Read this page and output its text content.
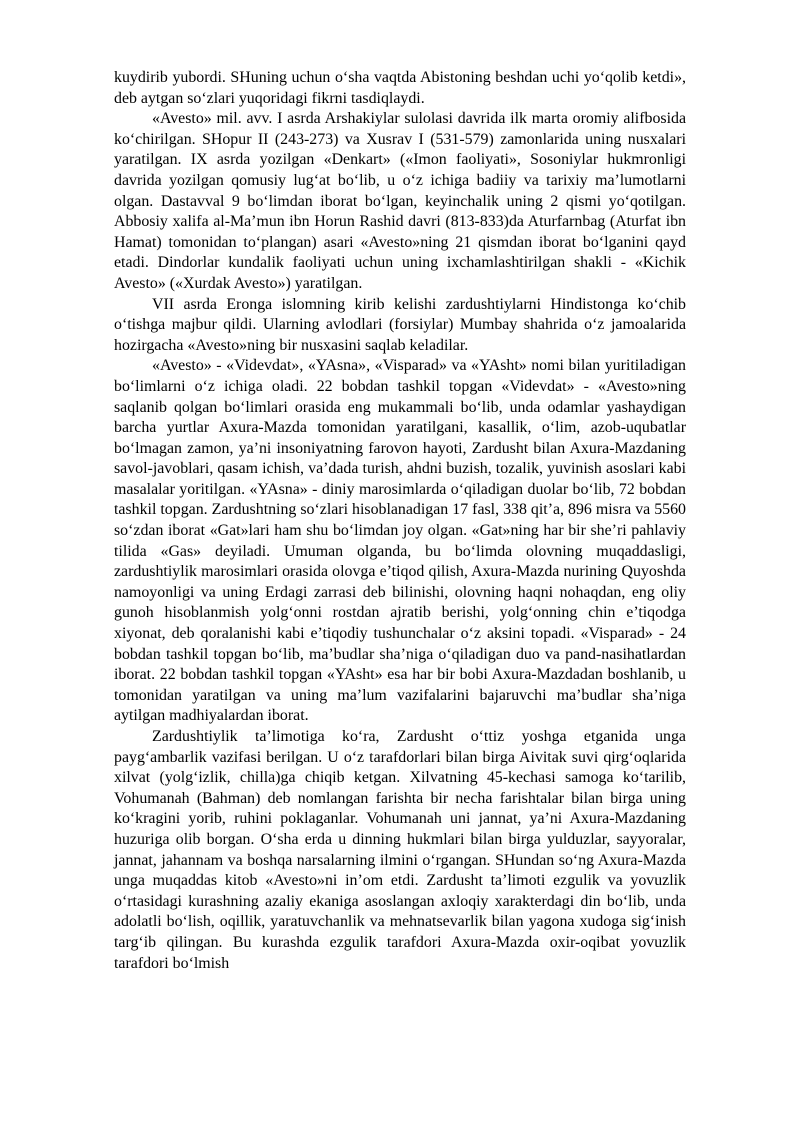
kuydirib yubordi. SHuning uchun o‘sha vaqtda Abistoning beshdan uchi yo‘qolib ketdi», deb aytgan so‘zlari yuqoridagi fikrni tasdiqlaydi.

«Avesto» mil. avv. I asrda Arshakiylar sulolasi davrida ilk marta oromiy alifbosida ko‘chirilgan. SHopur II (243-273) va Xusrav I (531-579) zamonlarida uning nusxalari yaratilgan. IX asrda yozilgan «Denkart» («Imon faoliyati», Sosoniylar hukmronligi davrida yozilgan qomusiy lug‘at bo‘lib, u o‘z ichiga badiiy va tarixiy ma’lumotlarni olgan. Dastavval 9 bo‘limdan iborat bo‘lgan, keyinchalik uning 2 qismi yo‘qotilgan. Abbosiy xalifa al-Ma’mun ibn Horun Rashid davri (813-833)da Aturfarnbag (Aturfat ibn Hamat) tomonidan to‘plangan) asari «Avesto»ning 21 qismdan iborat bo‘lganini qayd etadi. Dindorlar kundalik faoliyati uchun uning ixchamlashtirilgan shakli - «Kichik Avesto» («Xurdak Avesto») yaratilgan.

VII asrda Eronga islomning kirib kelishi zardushtiylarni Hindistonga ko‘chib o‘tishga majbur qildi. Ularning avlodlari (forsiylar) Mumbay shahrida o‘z jamoalarida hozirgacha «Avesto»ning bir nusxasini saqlab keladilar.

«Avesto» - «Videvdat», «YAsna», «Visparad» va «YAsht» nomi bilan yuritiladigan bo‘limlarni o‘z ichiga oladi. 22 bobdan tashkil topgan «Videvdat» - «Avesto»ning saqlanib qolgan bo‘limlari orasida eng mukammali bo‘lib, unda odamlar yashaydigan barcha yurtlar Axura-Mazda tomonidan yaratilgani, kasallik, o‘lim, azob-uqubatlar bo‘lmagan zamon, ya’ni insoniyatning farovon hayoti, Zardusht bilan Axura-Mazdaning savol-javoblari, qasam ichish, va’dada turish, ahdni buzish, tozalik, yuvinish asoslari kabi masalalar yoritilgan. «YAsna» - diniy marosimlarda o‘qiladigan duolar bo‘lib, 72 bobdan tashkil topgan. Zardushtning so‘zlari hisoblanadigan 17 fasl, 338 qit’a, 896 misra va 5560 so‘zdan iborat «Gat»lari ham shu bo‘limdan joy olgan. «Gat»ning har bir she’ri pahlaviy tilida «Gas» deyiladi. Umuman olganda, bu bo‘limda olovning muqaddasligi, zardushtiylik marosimlari orasida olovga e’tiqod qilish, Axura-Mazda nurining Quyoshda namoyonligi va uning Erdagi zarrasi deb bilinishi, olovning haqni nohaqdan, eng oliy gunoh hisoblanmish yolg‘onni rostdan ajratib berishi, yolg‘onning chin e’tiqodga xiyonat, deb qoralanishi kabi e’tiqodiy tushunchalar o‘z aksini topadi. «Visparad» - 24 bobdan tashkil topgan bo‘lib, ma’budlar sha’niga o‘qiladigan duo va pand-nasihatlardan iborat. 22 bobdan tashkil topgan «YAsht» esa har bir bobi Axura-Mazdadan boshlanib, u tomonidan yaratilgan va uning ma’lum vazifalarini bajaruvchi ma’budlar sha’niga aytilgan madhiyalardan iborat.

Zardushtiylik ta’limotiga ko‘ra, Zardusht o‘ttiz yoshga etganida unga payg‘ambarlik vazifasi berilgan. U o‘z tarafdorlari bilan birga Aivitak suvi qirg‘oqlarida xilvat (yolg‘izlik, chilla)ga chiqib ketgan. Xilvatning 45-kechasi samoga ko‘tarilib, Vohumanah (Bahman) deb nomlangan farishta bir necha farishtalar bilan birga uning ko‘kragini yorib, ruhini poklaganlar. Vohumanah uni jannat, ya’ni Axura-Mazdaning huzuriga olib borgan. O‘sha erda u dinning hukmlari bilan birga yulduzlar, sayyoralar, jannat, jahannam va boshqa narsalarning ilmini o‘rgangan. SHundan so‘ng Axura-Mazda unga muqaddas kitob «Avesto»ni in’om etdi. Zardusht ta’limoti ezgulik va yovuzlik o‘rtasidagi kurashning azaliy ekaniga asoslangan axloqiy xarakterdagi din bo‘lib, unda adolatli bo‘lish, oqillik, yaratuvchanlik va mehnatsevarlik bilan yagona xudoga sig‘inish targ‘ib qilingan. Bu kurashda ezgulik tarafdori Axura-Mazda oxir-oqibat yovuzlik tarafdori bo‘lmish
